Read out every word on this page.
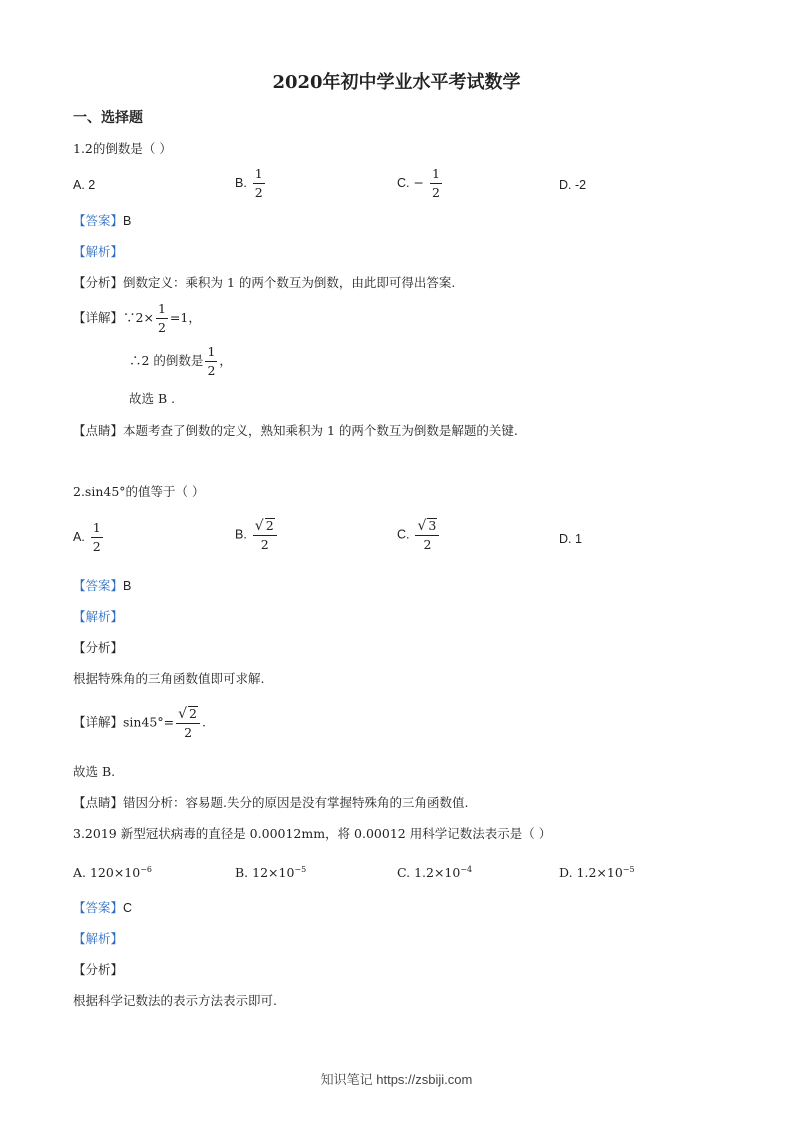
2020年初中学业水平考试数学
一、选择题
1.2的倒数是（ ）
A. 2	B. $\frac{1}{2}$	C. − $\frac{1}{2}$	D. -2
【答案】B
【解析】
【分析】倒数定义：乘积为 1 的两个数互为倒数，由此即可得出答案.
【详解】∵2× $\frac{1}{2} =1$，
∴2 的倒数是 $\frac{1}{2}$ ，
故选 B .
【点睛】本题考查了倒数的定义，熟知乘积为 1 的两个数互为倒数是解题的关键.
2.sin45°的值等于（ ）
A. $\frac{1}{2}$	B. $\frac{√ 2}{2}$	C. $\frac{√ 3}{2}$	D. 1
【答案】B
【解析】
【分析】
根据特殊角的三角函数值即可求解.
【详解】$\sin 45^\circ= \frac{√ 2}{2}$ .
故选 B.
【点睛】错因分析：容易题.失分的原因是没有掌握特殊角的三角函数值.
3.2019 新型冠状病毒的直径是 0.00012mm，将 0.00012 用科学记数法表示是（ ）
A. $120\times 10^{-6}$	B. $12\times 10^{-5}$	C. $1.2\times 10^{-4}$	D. $1.2\times 10^{-5}$
【答案】C
【解析】
【分析】
根据科学记数法的表示方法表示即可.
知识笔记 https://zsbiji.com
